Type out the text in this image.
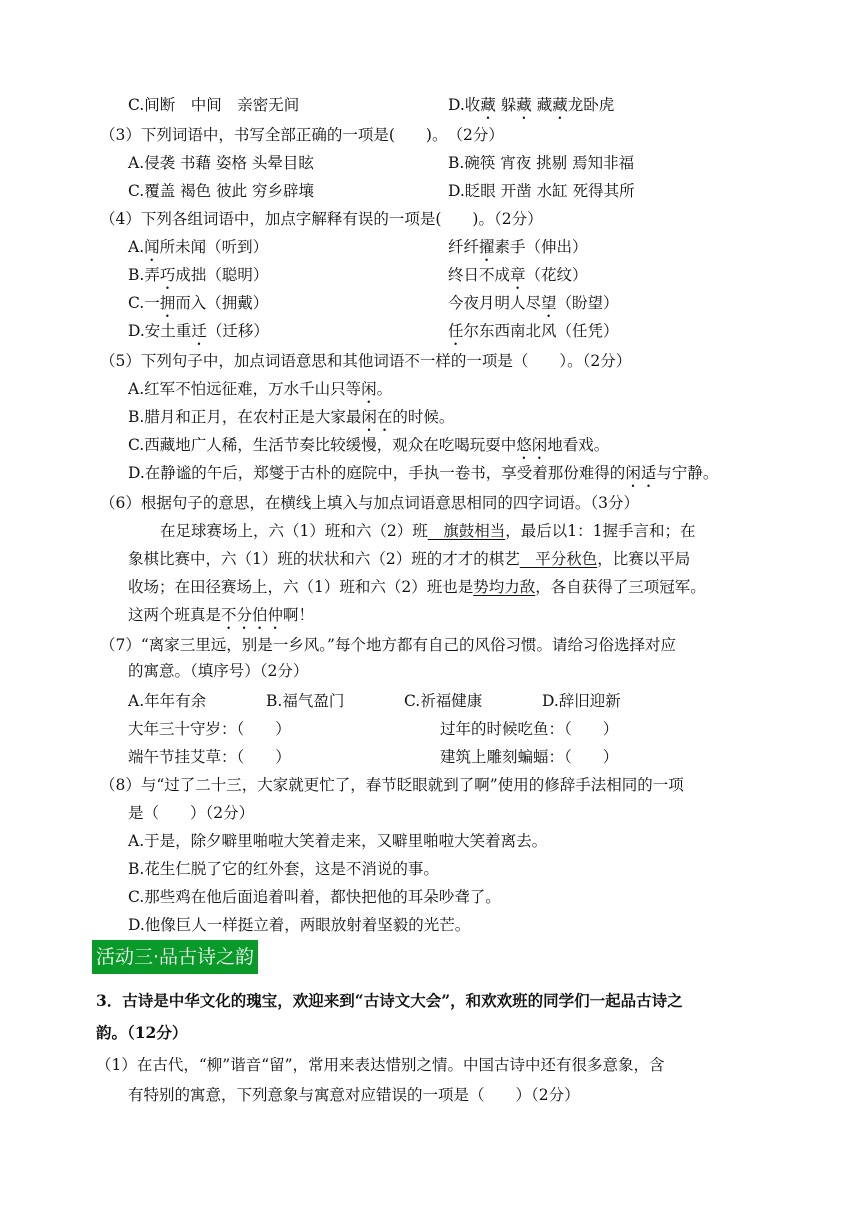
C.间断　中间　亲密无间	D.收藏 躲藏 藏藏龙卧虎
（3）下列词语中，书写全部正确的一项是(　　)。　（2分）
A.侵袭 书藉 姿格 头晕目眩	B.碗筷 宵夜 挑剔 焉知非福
C.覆盖 褐色 彼此 穷乡辟壤	D.眨眼 开凿 水缸 死得其所
（4）下列各组词语中，加点字解释有误的一项是(　　)。（2分）
A.闻所未闻（听到）	纤纤擢素手（伸出）
B.弄巧成拙（聪明）	终日不成章（花纹）
C.一拥而入（拥戴）	今夜月明人尽望（盼望）
D.安土重迁（迁移）	任尔东西南北风（任凭）
（5）下列句子中，加点词语意思和其他词语不一样的一项是（　　）。（2分）
A.红军不怕远征难，万水千山只等闲。
B.腊月和正月，在农村正是大家最闲在的时候。
C.西藏地广人稀，生活节奏比较缓慢，观众在吃喝玩耍中悠闲地看戏。
D.在静谧的午后，郑燮于古朴的庭院中，手执一卷书，享受着那份难得的闲适与宁静。
（6）根据句子的意思，在横线上填入与加点词语意思相同的四字词语。（3分）
在足球赛场上，六（1）班和六（2）班　旗鼓相当，最后以1：1握手言和；在
象棋比赛中，六（1）班的状状和六（2）班的才才的棋艺　平分秋色，比赛以平局
收场；在田径赛场上，六（1）班和六（2）班也是势均力敌，各自获得了三项冠军。
这两个班真是不分伯仲啊！
（7）“离家三里远，别是一乡风。”每个地方都有自己的风俗习惯。请给习俗选择对应
的寓意。（填序号）（2分）
A.年年有余	B.福气盈门	C.祈福健康	D.辞旧迎新
大年三十守岁：（　　）	过年的时候吃鱼：（　　）
端午节挂艾草：（　　）	建筑上雕刻蝙蝠：（　　）
（8）与“过了二十三，大家就更忙了，春节眨眼就到了啊”使用的修辞手法相同的一项
是（　　）（2分）
A.于是，除夕噼里啪啦大笑着走来，又噼里啪啦大笑着离去。
B.花生仁脱了它的红外套，这是不消说的事。
C.那些鸡在他后面追着叫着，都快把他的耳朵吵聋了。
D.他像巨人一样挺立着，两眼放射着坚毅的光芒。
活动三·品古诗之韵
3．古诗是中华文化的瑰宝，欢迎来到“古诗文大会”，和欢欢班的同学们一起品古诗之
韵。（12分）
（1）在古代，“柳”谐音“留”，常用来表达惜别之情。中国古诗中还有很多意象，含
有特别的寓意，下列意象与寓意对应错误的一项是（　　）（2分）
